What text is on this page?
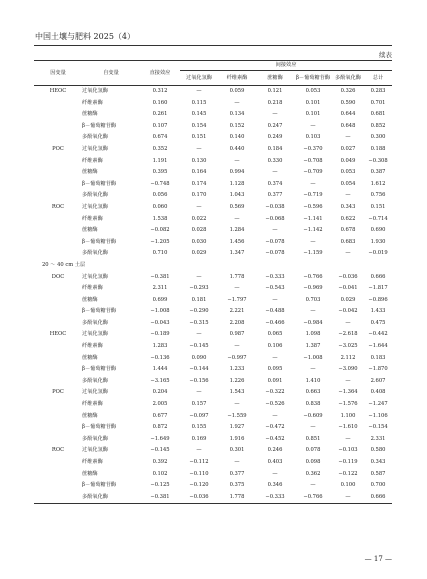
中国土壤与肥料 2025（4）
续表
因变量	自变量	直接效应	间接效应					
			过氧化氢酶	纤维素酶	蔗糖酶	β－葡萄糖苷酶	多酚氧化酶	总计
HEOC	过氧化氢酶	0.312	—	0.059	0.121	0.053	0.326	0.283
	纤维素酶	0.160	0.115	—	0.218	0.101	0.590	0.701
	蔗糖酶	0.261	0.145	0.134	—	0.101	0.644	0.681
	β－葡萄糖苷酶	0.107	0.154	0.152	0.247	—	0.648	0.852
	多酚氧化酶	0.674	0.151	0.140	0.249	0.103	—	0.300
POC	过氧化氢酶	0.352	—	0.440	0.184	−0.370	0.027	0.188
	纤维素酶	1.191	0.130	—	0.330	−0.708	0.049	−0.308
	蔗糖酶	0.395	0.164	0.994	—	−0.709	0.053	0.387
	β－葡萄糖苷酶	−0.748	0.174	1.128	0.374	—	0.054	1.612
	多酚氧化酶	0.056	0.170	1.043	0.377	−0.719	—	0.756
ROC	过氧化氢酶	0.060	—	0.569	−0.038	−0.596	0.343	0.151
	纤维素酶	1.538	0.022	—	−0.068	−1.141	0.622	−0.714
	蔗糖酶	−0.082	0.028	1.284	—	−1.142	0.678	0.690
	β－葡萄糖苷酶	−1.205	0.030	1.456	−0.078	—	0.683	1.930
	多酚氧化酶	0.710	0.029	1.347	−0.078	−1.159	—	−0.019
20 ～ 40 cm 土层								
DOC	过氧化氢酶	−0.381	—	1.778	−0.333	−0.766	−0.036	0.666
	纤维素酶	2.311	−0.293	—	−0.543	−0.969	−0.041	−1.817
	蔗糖酶	0.699	0.181	−1.797	—	0.703	0.029	−0.896
	β－葡萄糖苷酶	−1.008	−0.290	2.221	−0.488	—	−0.042	1.433
	多酚氧化酶	−0.043	−0.315	2.208	−0.466	−0.984	—	0.475
HEOC	过氧化氢酶	−0.189	—	0.987	0.065	1.098	−2.618	−0.442
	纤维素酶	1.283	−0.145	—	0.106	1.387	−3.025	−1.644
	蔗糖酶	−0.136	0.090	−0.997	—	−1.008	2.112	0.183
	β－葡萄糖苷酶	1.444	−0.144	1.233	0.095	—	−3.090	−1.870
	多酚氧化酶	−3.165	−0.156	1.226	0.091	1.410	—	2.607
POC	过氧化氢酶	0.204	—	1.543	−0.322	0.663	−1.364	0.408
	纤维素酶	2.005	0.157	—	−0.526	0.838	−1.576	−1.247
	蔗糖酶	0.677	−0.097	−1.559	—	−0.609	1.100	−1.106
	β－葡萄糖苷酶	0.872	0.155	1.927	−0.472	—	−1.610	−0.154
	多酚氧化酶	−1.649	0.169	1.916	−0.452	0.851	—	2.331
ROC	过氧化氢酶	−0.145	—	0.301	0.246	0.078	−0.103	0.580
	纤维素酶	0.392	−0.112	—	0.403	0.098	−0.119	0.343
	蔗糖酶	0.102	−0.110	0.377	—	0.362	−0.122	0.587
	β－葡萄糖苷酶	−0.125	−0.120	0.375	0.346	—	0.100	0.700
	多酚氧化酶	−0.381	−0.036	1.778	−0.333	−0.766	—	0.666
— 17 —
